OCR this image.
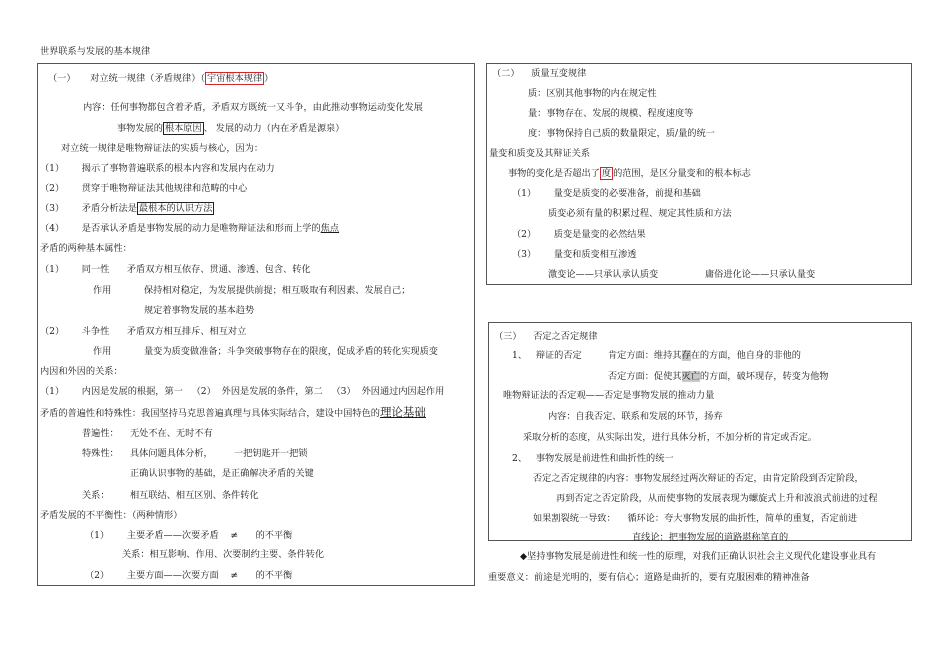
世界联系与发展的基本规律
（一） 对立统一规律（矛盾规律）（ 宇宙根本规律 ）
内容：任何事物都包含着矛盾，矛盾双方既统一又斗争，由此推动事物运动变化发展
事物发展的 根本原因 、 发展的动力（内在矛盾是源泉）
对立统一规律是唯物辩证法的实质与核心，因为：
（1） 揭示了事物普遍联系的根本内容和发展内在动力
（2） 贯穿于唯物辩证法其他规律和范畴的中心
（3） 矛盾分析法是 最根本的认识方法
（4） 是否承认矛盾是事物发展的动力是唯物辩证法和形而上学的焦点
矛盾的两种基本属性：
（1） 同一性 矛盾双方相互依存、贯通、渗透、包含、转化
作用	保持相对稳定，为发展提供前提；相互吸取有利因素、发展自己；
规定着事物发展的基本趋势
（2） 斗争性 矛盾双方相互排斥、相互对立
作用	量变为质变做准备；斗争突破事物存在的限度，促成矛盾的转化实现质变
内因和外因的关系：
（1） 内因是发展的根据，第一 （2） 外因是发展的条件，第二 （3） 外因通过内因起作用
矛盾的普遍性和特殊性：我国坚持马克思普遍真理与具体实际结合，建设中国特色的理论基础
普遍性： 无处不在、无时不有
特殊性： 具体问题具体分析， 一把钥匙开一把锁
正确认识事物的基础，是正确解决矛盾的关键
关系： 相互联结、相互区别、条件转化
矛盾发展的不平衡性：（两种情形）
（1） 主要矛盾——次要矛盾 ≠ 的不平衡
关系：相互影响、作用、次要制约主要、条件转化
（2） 主要方面——次要方面 ≠ 的不平衡
（二） 质量互变规律
质：区别其他事物的内在规定性
量：事物存在、发展的规模、程度速度等
度：事物保持自己质的数量限定，质/量的统一
量变和质变及其辩证关系
事物的变化是否超出了 度 的范围，是区分量变和的根本标志
（1） 量变是质变的必要准备，前提和基础
质变必须有量的积累过程、规定其性质和方法
（2） 质变是量变的必然结果
（3） 量变和质变相互渗透
激变论——只承认承认质变	庸俗进化论——只承认量变
（三） 否定之否定规律
1、 辩证的否定	肯定方面：维持其存在的方面，他自身的非他的
否定方面：促使其灭亡的方面，破坏现存，转变为他物
唯物辩证法的否定观——否定是事物发展的推动力量
内容：自我否定、联系和发展的环节，扬弃
采取分析的态度，从实际出发，进行具体分析，不加分析的肯定或否定。
2、 事物发展是前进性和曲折性的统一
否定之否定规律的内容：事物发展经过两次辩证的否定，由肯定阶段到否定阶段，
再到否定之否定阶段，从而使事物的发展表现为螺旋式上升和波浪式前进的过程
如果割裂统一导致： 循环论：夸大事物发展的曲折性，简单的重复，否定前进
直线论：把事物发展的道路堪称笔直的
◆坚持事物发展是前进性和统一性的原理，对我们正确认识社会主义现代化建设事业具有
重要意义：前途是光明的，要有信心；道路是曲折的，要有克服困难的精神准备
